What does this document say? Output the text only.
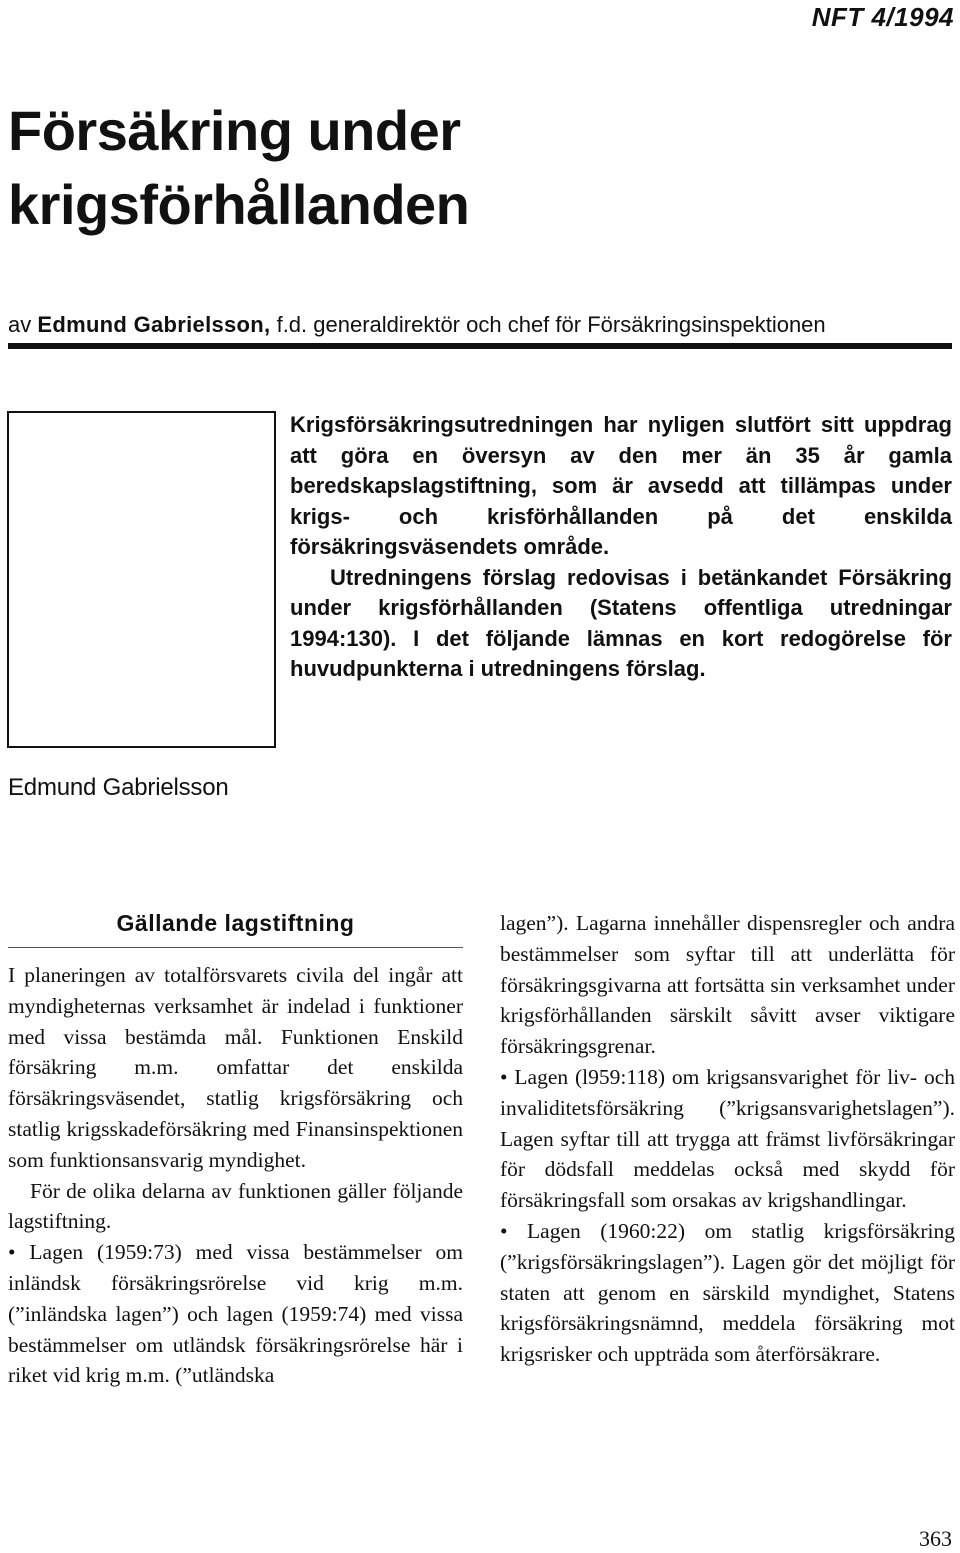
NFT 4/1994
Försäkring under
krigsförhållanden
av Edmund Gabrielsson, f.d. generaldirektör och chef för Försäkringsinspektionen
Edmund Gabrielsson

Krigsförsäkringsutredningen har nyligen slutfört sitt uppdrag att göra en översyn av den mer än 35 år gamla beredskapslagstiftning, som är avsedd att tillämpas under krigs- och krisförhållanden på det enskilda försäkringsväsendets område.

Utredningens förslag redovisas i betänkandet Försäkring under krigsförhållanden (Statens offentliga utredningar 1994:130). I det följande lämnas en kort redogörelse för huvudpunkterna i utredningens förslag.

Gällande lagstiftning

I planeringen av totalförsvarets civila del ingår att myndigheternas verksamhet är indelad i funktioner med vissa bestämda mål. Funktionen Enskild försäkring m.m. omfattar det enskilda försäkringsväsendet, statlig krigsförsäkring och statlig krigsskadeförsäkring med Finansinspektionen som funktionsansvarig myndighet.

För de olika delarna av funktionen gäller följande lagstiftning.

• Lagen (1959:73) med vissa bestämmelser om inländsk försäkringsrörelse vid krig m.m. (”inländska lagen”) och lagen (1959:74) med vissa bestämmelser om utländsk försäkringsrörelse här i riket vid krig m.m. (”utländska

lagen”). Lagarna innehåller dispensregler och andra bestämmelser som syftar till att underlätta för försäkringsgivarna att fortsätta sin verksamhet under krigsförhållanden särskilt såvitt avser viktigare försäkringsgrenar.

• Lagen (l959:118) om krigsansvarighet för liv- och invaliditetsförsäkring (”krigsansvarighetslagen”). Lagen syftar till att trygga att främst livförsäkringar för dödsfall meddelas också med skydd för försäkringsfall som orsakas av krigshandlingar.

• Lagen (1960:22) om statlig krigsförsäkring (”krigsförsäkringslagen”). Lagen gör det möjligt för staten att genom en särskild myndighet, Statens krigsförsäkringsnämnd, meddela försäkring mot krigsrisker och uppträda som återförsäkrare.

363
